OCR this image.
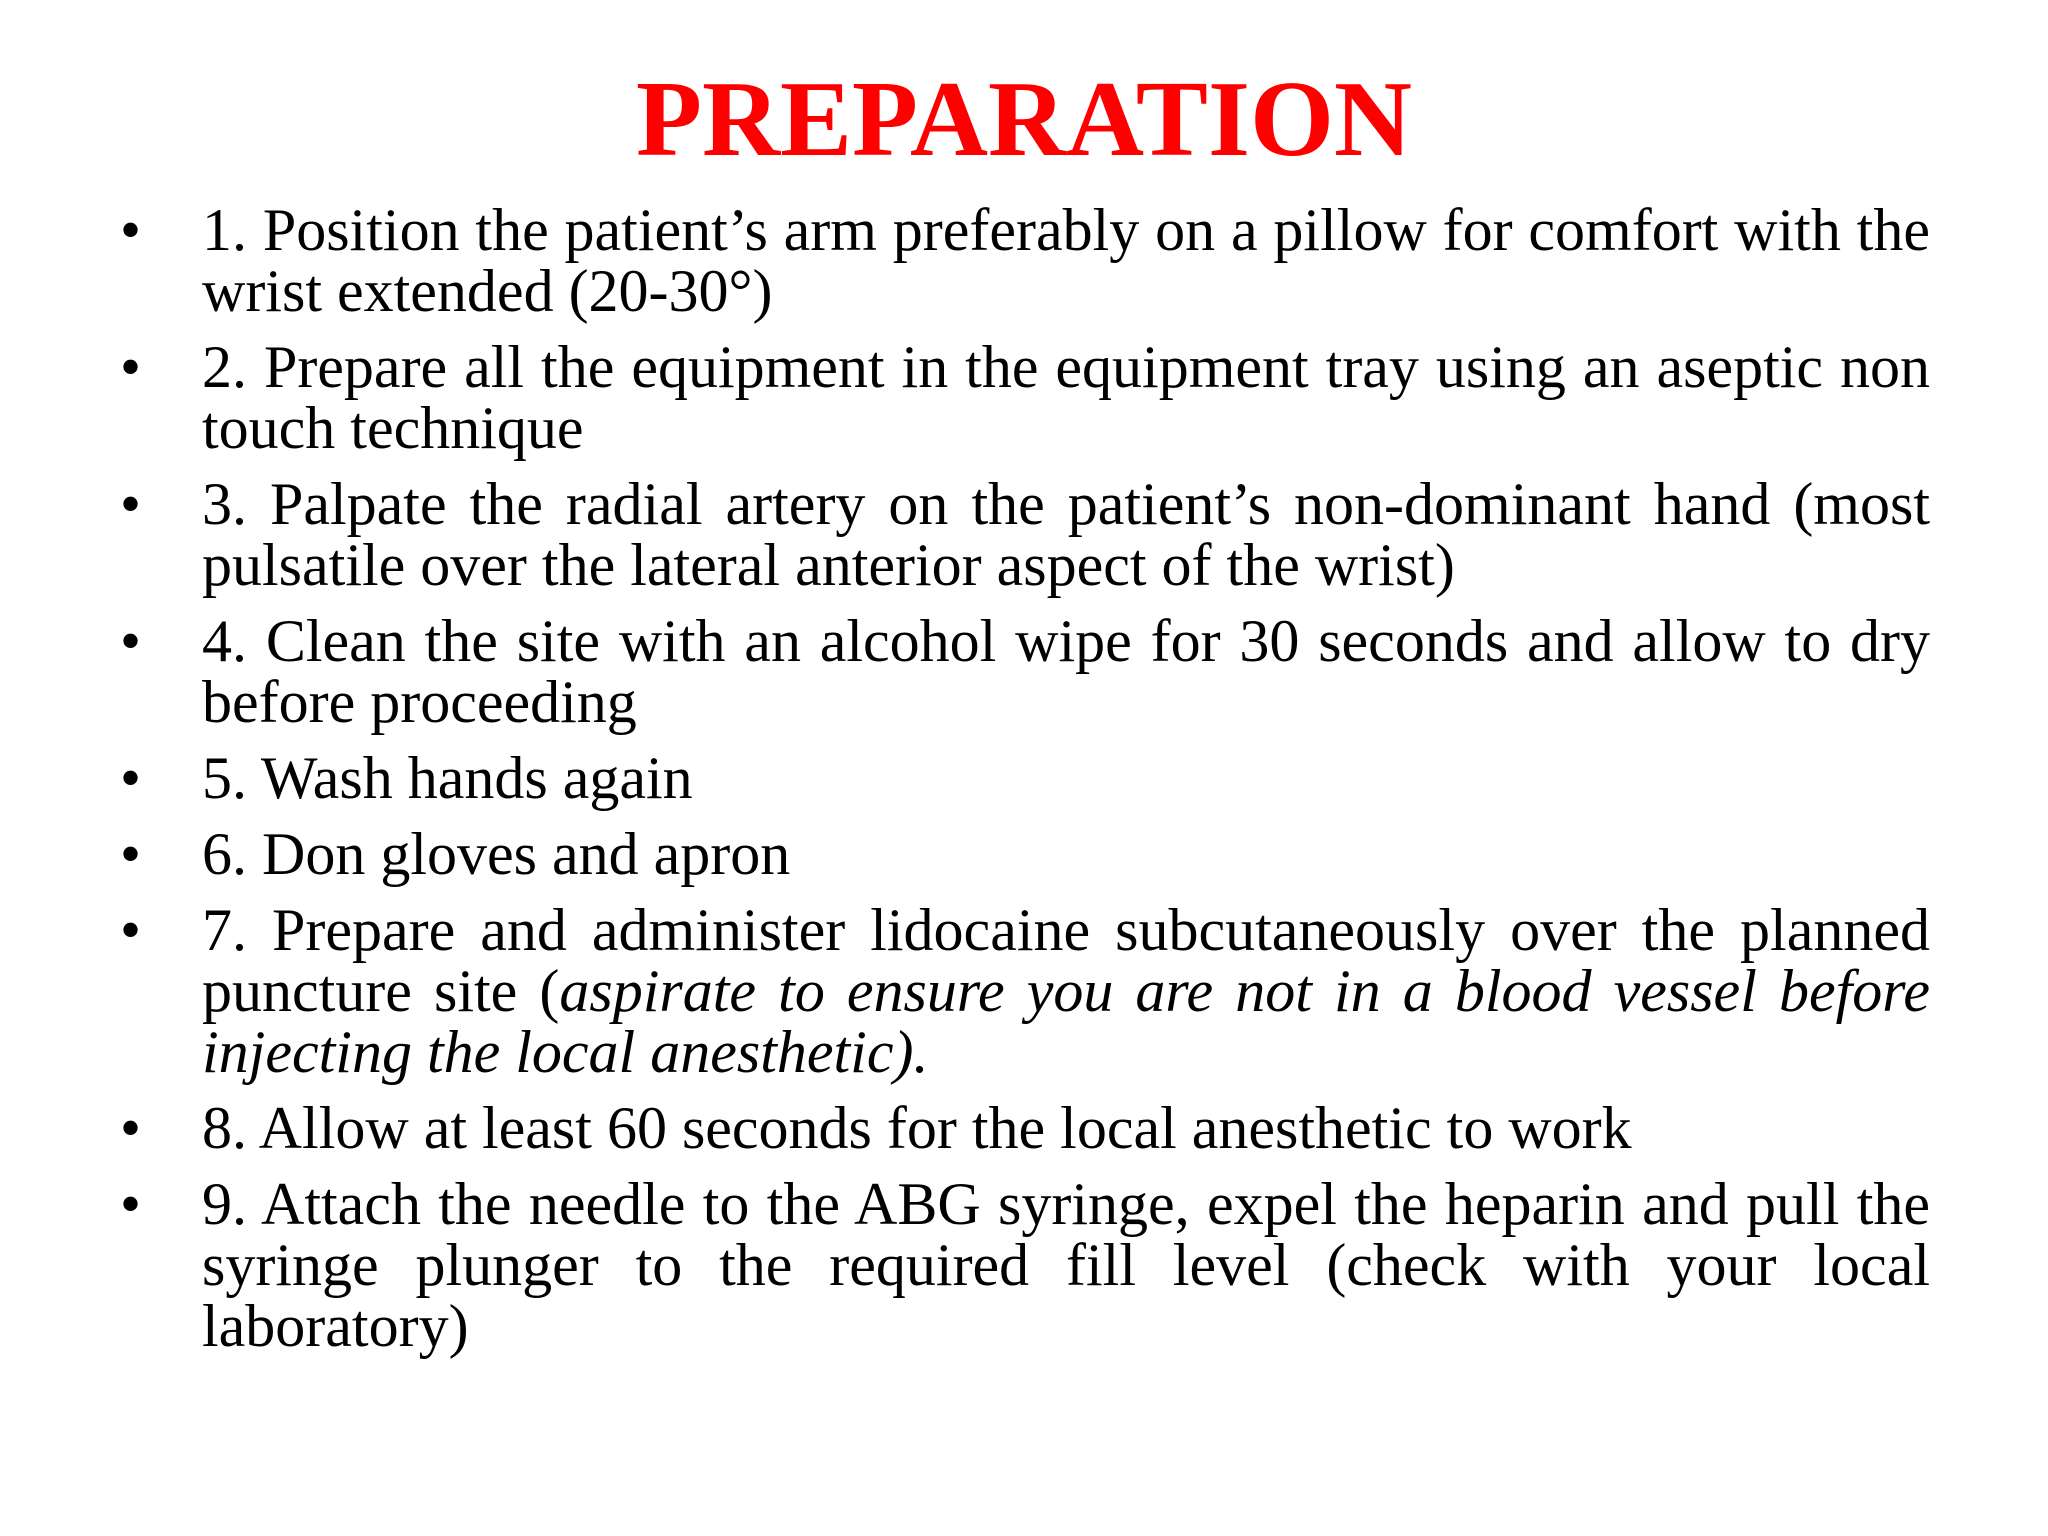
PREPARATION
•	1. Position the patient’s arm preferably on a pillow for comfort with the wrist extended (20-30°)
•	2. Prepare all the equipment in the equipment tray using an aseptic non touch technique
•	3. Palpate the radial artery on the patient’s non-dominant hand (most pulsatile over the lateral anterior aspect of the wrist)
•	4. Clean the site with an alcohol wipe for 30 seconds and allow to dry before proceeding
•	5. Wash hands again
•	6. Don gloves and apron
•	7. Prepare and administer lidocaine subcutaneously over the planned puncture site (aspirate to ensure you are not in a blood vessel before injecting the local anesthetic).
•	8. Allow at least 60 seconds for the local anesthetic to work
•	9. Attach the needle to the ABG syringe, expel the heparin and pull the syringe plunger to the required fill level (check with your local laboratory)
